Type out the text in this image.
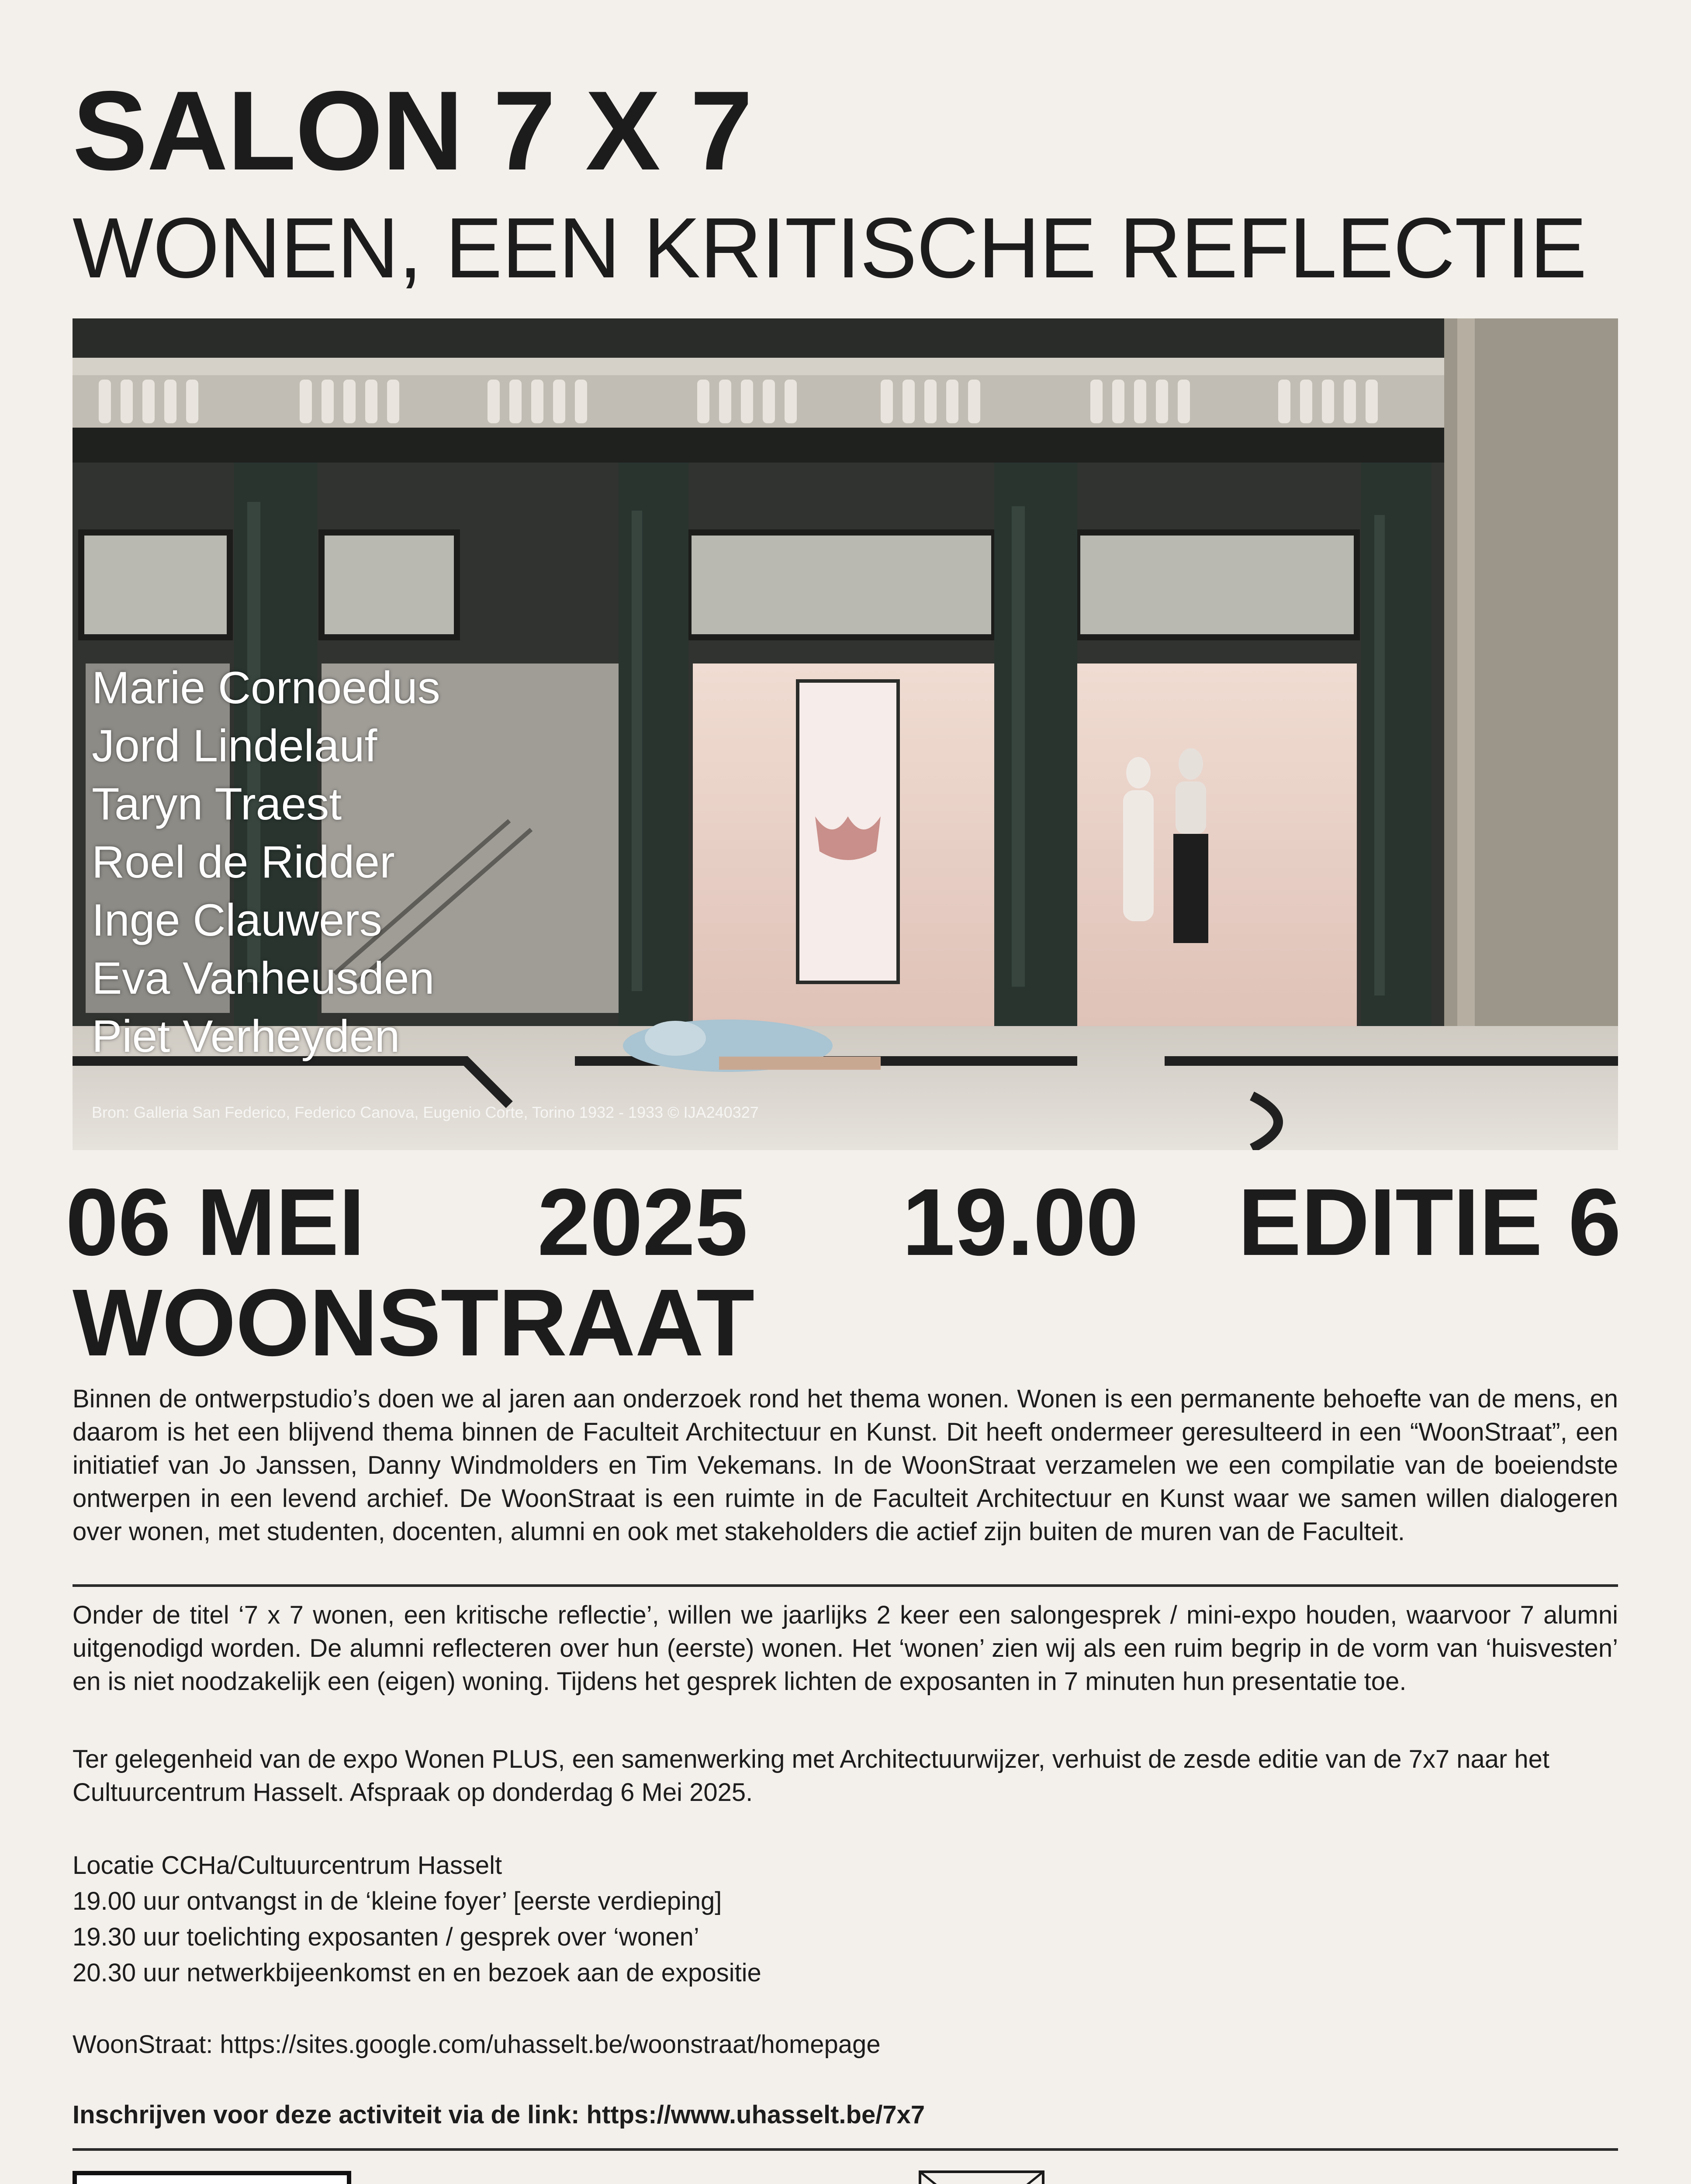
SALON 7 X 7
WONEN, EEN KRITISCHE REFLECTIE
Marie Cornoedus
Jord Lindelauf
Taryn Traest
Roel de Ridder
Inge Clauwers
Eva Vanheusden
Piet Verheyden
Bron: Galleria San Federico, Federico Canova, Eugenio Corte, Torino 1932 - 1933 © IJA240327
06 MEI 2025 19.00	EDITIE 6
WOONSTRAAT

Binnen de ontwerpstudio’s doen we al jaren aan onderzoek rond het thema wonen. Wonen is een permanente behoefte van de mens, en daarom is het een blijvend thema binnen de Faculteit Architectuur en Kunst. Dit heeft ondermeer geresulteerd in een “WoonStraat”, een initiatief van Jo Janssen, Danny Windmolders en Tim Vekemans. In de WoonStraat verzamelen we een compilatie van de boeiendste ontwerpen in een levend archief. De WoonStraat is een ruimte in de Faculteit Architectuur en Kunst waar we samen willen dialogeren over wonen, met studenten, docenten, alumni en ook met stakeholders die actief zijn buiten de muren van de Faculteit.

Onder de titel ‘7 x 7 wonen, een kritische reflectie’, willen we jaarlijks 2 keer een salongesprek / mini-expo houden, waarvoor 7 alumni uitgenodigd worden. De alumni reflecteren over hun (eerste) wonen. Het ‘wonen’ zien wij als een ruim begrip in de vorm van ‘huisvesten’ en is niet noodzakelijk een (eigen) woning. Tijdens het gesprek lichten de exposanten in 7 minuten hun presentatie toe.

Ter gelegenheid van de expo Wonen PLUS, een samenwerking met Architectuurwijzer, verhuist de zesde editie van de 7x7 naar het Cultuurcentrum Hasselt. Afspraak op donderdag 6 Mei 2025.

Locatie CCHa/Cultuurcentrum Hasselt
19.00 uur ontvangst in de ‘kleine foyer’ [eerste verdieping]
19.30 uur toelichting exposanten / gesprek over ‘wonen’
20.30 uur netwerkbijeenkomst en en bezoek aan de expositie
WoonStraat: https://sites.google.com/uhasselt.be/woonstraat/homepage
Inschrijven voor deze activiteit via de link: https://www.uhasselt.be/7x7
